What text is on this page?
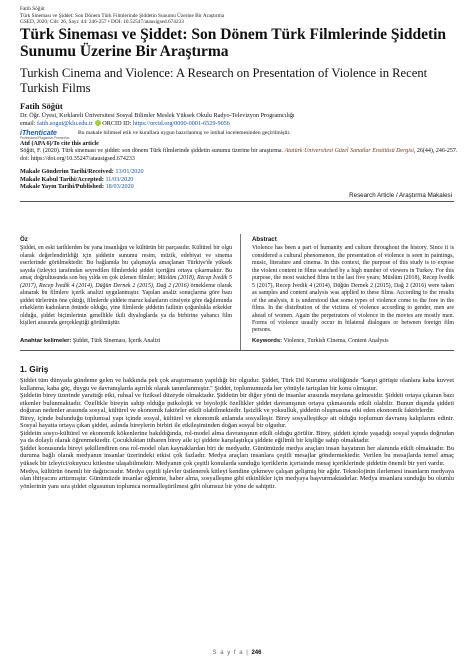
Fatih Söğüt
Türk Sineması ve Şiddet: Son Dönem Türk Filmlerinde Şiddetin Sunumu Üzerine Bir Araştırma
GSED, 2020; Cilt: 26, Sayı: 44: 246-257 • DOI: 10.52547/atausigsed.674233
Türk Sineması ve Şiddet: Son Dönem Türk Filmlerinde Şiddetin Sunumu Üzerine Bir Araştırma
Turkish Cinema and Violence: A Research on Presentation of Violence in Recent Turkish Films
Fatih Söğüt
Dr. Öğr. Üyesi, Kırklareli Üniversitesi Sosyal Bilimler Meslek Yüksek Okulu Radyo-Televizyon Programcılığı
email: fatih.sogut@klu.edu.tr ORCID ID: https://orcid.org/0000-0001-6529-9056
iThenticate

Professional Plagiarism Prevention
Bu makale bilimsel etik ve kurallara uygun hazırlanmış ve intihal incelemesinden geçirilmiştir.
Atıf (APA 6)/To cite this article
Söğüt, F. (2020). Türk sineması ve şiddet: son dönem Türk filmlerinde şiddetin sunumu üzerine bir araştırma. Atatürk Üniversitesi Güzel Sanatlar Enstitüsü Dergisi, 26(44), 246-257. doi: https://doi.org/10.35247/atausigsed.674233
Makale Gönderim Tarihi/Received: 13/01/2020
Makale Kabul Tarihi/Accepted: 11/03/2020
Makale Yayın Tarihi/Published: 18/03/2020
Research Article / Araştırma Makalesi
Öz

Şiddet, en eski tarihlerden bu yana insanlığın ve kültürün bir parçasıdır. Kültürel bir olgu olarak değerlendirildiği için şiddetin sunumu resim, müzik, edebiyat ve sinema eserlerinde görülmektedir. Bu bağlamda bu çalışmayla amaçlanan Türkiye'de yüksek sayıda (izleyici tarafından seyredilen filmlerdeki şiddet içeriğini ortaya çıkarmaktır. Bu amaç doğrultusunda son beş yılda en çok izlenen filmler; Müslüm (2018), Recep İvedik 5 (2017), Recep İvedik 4 (2014), Düğün Dernek 2 (2015), Dağ 2 (2016) örnekleme olarak alınarak bu filmlere içerik analizi uygulanmıştır. Yapılan analiz sonuçlarına göre bazı şiddet türlerinin öne çıktığı, filmlerde şiddete maruz kalanların cinsiyete göre dağılımında erkeklerin kadınların önünde olduğu, yine filmlerde şiddetin failinin çoğunlukla erkekler olduğu, şiddet biçimlerinin genellikle ikili diyaloglarda ya da birbirine yabancı film kişileri arasında gerçekleştiği görülmüştür.

Abstract

Violence has been a part of humanity and culture throughout the history. Since it is considered a cultural phenomenon, the presentation of violence is seen in paintings, music, literature and cinema. In this context, the purpose of this study is to expose the violent content in films watched by a high number of viewers in Turkey. For this purpose, the most watched films in the last five years; Müslüm (2018), Recep İvedik 5 (2017), Recep İvedik 4 (2014), Düğün Dernek 2 (2015), Dağ 2 (2016) were taken as samples and content analysis was applied to these films. According to the results of the analysis, it is understood that some types of violence come to the fore in the films. In the distribution of the victims of violence according to gender, men are ahead of women. Again the perpetrators of violence in the movies are mostly men. Forms of violence usually occur in bilateral dialogues or between foreign film persons.

Anahtar kelimeler: Şiddet, Türk Sineması, İçerik Analizi	Keywords: Violence, Turkish Cinema, Content Analysis
1. Giriş

Şiddet tüm dünyada gündeme gelen ve hakkında pek çok araştırmanın yapıldığı bir olgudur. Şiddet, Türk Dil Kurumu sözlüğünde "karşıt görüşte olanlara kaba kuvvet kullanma, kaba güç, duygu ve davranışlarda aşırılık olarak tanımlanmıştır." Şiddet, toplumumuzda her yönüyle tartışılan bir konu olmuştur.

Şiddetin birey üzerinde yarattığı etki, ruhsal ve fiziksel düzeyde olmaktadır. Şiddetin bir diğer yönü de insanlar arasında meydana gelmesidir. Şiddeti ortaya çıkaran bazı etkenler bulunmaktadır. Özellikle bireyin sahip olduğu psikolojik ve biyolojik özellikler şiddet davranışının ortaya çıkmasında etkili olabilir. Bunun dışında şiddeti doğuran nedenler arasında sosyal, kültürel ve ekonomik faktörler etkili olabilmektedir. İşsizlik ve yoksulluk, şiddetin oluşmasına etki eden ekonomik faktörlerdir.

Birey, içinde bulunduğu toplumsal yapı içinde sosyal, kültürel ve ekonomik anlamda sosyalleşir. Birey sosyalleştikçe ait olduğu toplumun davranış kalıplarını edinir. Sosyal hayatta ortaya çıkan şiddet, aslında bireylerin birbiri ile etkileşiminden doğan sosyal bir olgudur.

Şiddetin sosyo-kültürel ve ekonomik kökenlerine bakıldığında, rol-model alma davranışının etkili olduğu görülür. Birey, şiddeti içinde yaşadığı sosyal yapıda doğrudan ya da dolaylı olarak öğrenmektedir. Çocukluktan itibaren birey aile içi şiddete karşılaştıkça şiddete eğilimli bir kişiliğe sahip olmaktadır.

Şiddet konusunda bireyi şekillendiren ona rol-model olan kaynaklardan biri de medyadır. Günümüzde medya araçları insan hayatının her alanında etkili olmaktadır. Bu duruma bağlı olarak medyanın insanlar üzerindeki etkisi çok fazladır. Medya araçları insanlara çeşitli mesajlar göndermektedir. Verilen bu mesajlarda temel amaç yüksek bir izleyici/okuyucu kitlesine ulaşabilmektir. Medyanın çok çeşitli konularda sunduğu içeriklerin içerisinde mesaj içeriklerinde şiddetin önemli bir yeri vardır.

Medya, kültürün önemli bir dağıtıcısıdır. Medya çeşitli işlevler üstlenerek kitleyi kendine çekmeye çalışan gelişmiş bir ağdır. Teknolojinin ilerlemesi insanların medyaya olan ihtiyacını arttırmıştır. Günümüzde insanlar eğlenme, haber alma, sosyalleşme gibi etkinlikler için medyaya başvurmaktadırlar. Medya insanlara sunduğu bu olumlu yönlerinin yanı sıra şiddet olgusunun toplumca normalleştirilmesi gibi olumsuz bir yöne de sahiptir.

S a y f a | 246
